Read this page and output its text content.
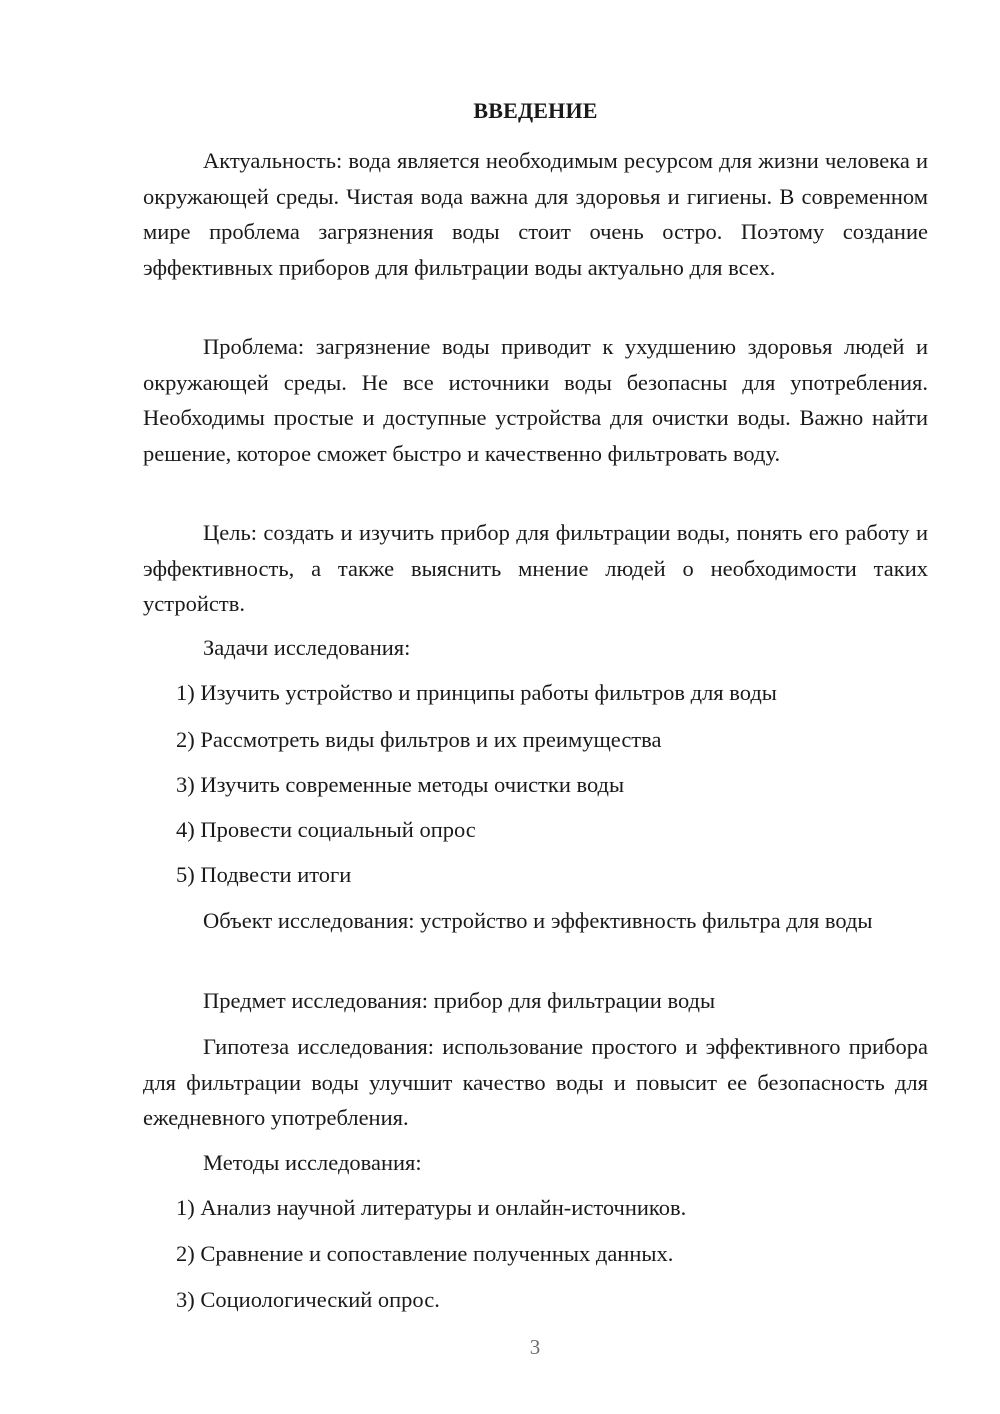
ВВЕДЕНИЕ

Актуальность: вода является необходимым ресурсом для жизни человека и окружающей среды. Чистая вода важна для здоровья и гигиены. В современном мире проблема загрязнения воды стоит очень остро. Поэтому создание эффективных приборов для фильтрации воды актуально для всех.

Проблема: загрязнение воды приводит к ухудшению здоровья людей и окружающей среды. Не все источники воды безопасны для употребления. Необходимы простые и доступные устройства для очистки воды. Важно найти решение, которое сможет быстро и качественно фильтровать воду.

Цель: создать и изучить прибор для фильтрации воды, понять его работу и эффективность, а также выяснить мнение людей о необходимости таких устройств.

Задачи исследования:

1) Изучить устройство и принципы работы фильтров для воды

2) Рассмотреть виды фильтров и их преимущества

3) Изучить современные методы очистки воды

4) Провести социальный опрос

5) Подвести итоги

Объект исследования: устройство и эффективность фильтра для воды

Предмет исследования: прибор для фильтрации воды

Гипотеза исследования: использование простого и эффективного прибора для фильтрации воды улучшит качество воды и повысит ее безопасность для ежедневного употребления.

Методы исследования:

1) Анализ научной литературы и онлайн-источников.

2) Сравнение и сопоставление полученных данных.

3) Социологический опрос.

3
